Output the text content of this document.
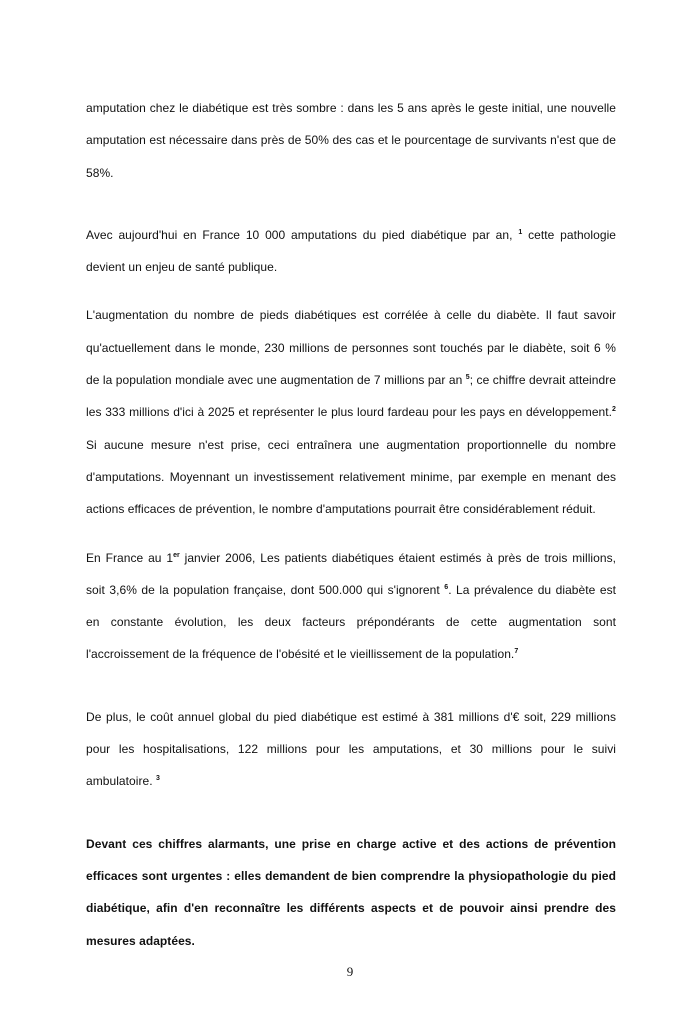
amputation chez le diabétique est très sombre : dans les 5 ans après le geste initial, une nouvelle amputation est nécessaire dans près de 50% des cas et le pourcentage de survivants n'est que de 58%.

Avec aujourd'hui en France 10 000 amputations du pied diabétique par an, $^1$ cette pathologie devient un enjeu de santé publique.

L'augmentation du nombre de pieds diabétiques est corrélée à celle du diabète. Il faut savoir qu'actuellement dans le monde, 230 millions de personnes sont touchés par le diabète, soit 6 % de la population mondiale avec une augmentation de 7 millions par an $^5$; ce chiffre devrait atteindre les 333 millions d'ici à 2025 et représenter le plus lourd fardeau pour les pays en développement.$^2$ Si aucune mesure n'est prise, ceci entraînera une augmentation proportionnelle du nombre d'amputations. Moyennant un investissement relativement minime, par exemple en menant des actions efficaces de prévention, le nombre d'amputations pourrait être considérablement réduit.

En France au 1er janvier 2006, Les patients diabétiques étaient estimés à près de trois millions, soit 3,6% de la population française, dont 500.000 qui s'ignorent $^6$. La prévalence du diabète est en constante évolution, les deux facteurs prépondérants de cette augmentation sont l'accroissement de la fréquence de l'obésité et le vieillissement de la population.$^7$

De plus, le coût annuel global du pied diabétique est estimé à 381 millions d'€ soit, 229 millions pour les hospitalisations, 122 millions pour les amputations, et 30 millions pour le suivi ambulatoire. $^3$

Devant ces chiffres alarmants, une prise en charge active et des actions de prévention efficaces sont urgentes : elles demandent de bien comprendre la physiopathologie du pied diabétique, afin d'en reconnaître les différents aspects et de pouvoir ainsi prendre des mesures adaptées.

9
